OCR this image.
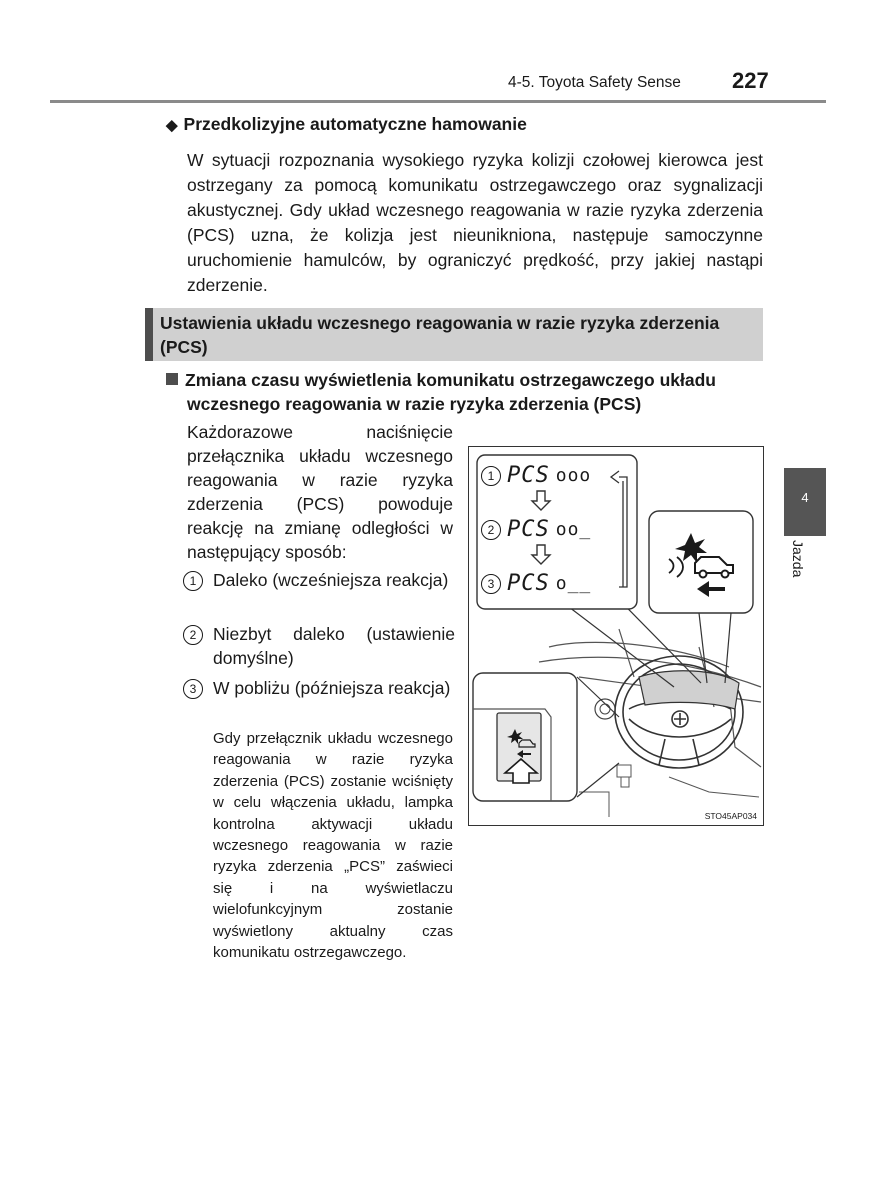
4-5. Toyota Safety Sense 227
◆ Przedkolizyjne automatyczne hamowanie
W sytuacji rozpoznania wysokiego ryzyka kolizji czołowej kierowca jest ostrzegany za pomocą komunikatu ostrzegawczego oraz sygnalizacji akustycznej. Gdy układ wczesnego reagowania w razie ryzyka zderzenia (PCS) uzna, że kolizja jest nieunikniona, następuje samoczynne uruchomienie hamulców, by ograniczyć prędkość, przy jakiej nastąpi zderzenie.
Ustawienia układu wczesnego reagowania w razie ryzyka zderzenia (PCS)
Zmiana czasu wyświetlenia komunikatu ostrzegawczego układu
wczesnego reagowania w razie ryzyka zderzenia (PCS)
Każdorazowe naciśnięcie przełącznika układu wczesnego reagowania w razie ryzyka zderzenia (PCS) powoduje reakcję na zmianę odległości w następujący sposób:
1 Daleko (wcześniejsza reakcja)
2 Niezbyt daleko (ustawienie domyślne)
3 W pobliżu (późniejsza reakcja)
Gdy przełącznik układu wczesnego reagowania w razie ryzyka zderzenia (PCS) zostanie wciśnięty w celu włączenia układu, lampka kontrolna aktywacji układu wczesnego reagowania w razie ryzyka zderzenia „PCS” zaświeci się i na wyświetlaczu wielofunkcyjnym zostanie wyświetlony aktualny czas komunikatu ostrzegawczego.
1 PCS ooo
2 PCS oo_
3 PCS o__
STO45AP034
4
Jazda
